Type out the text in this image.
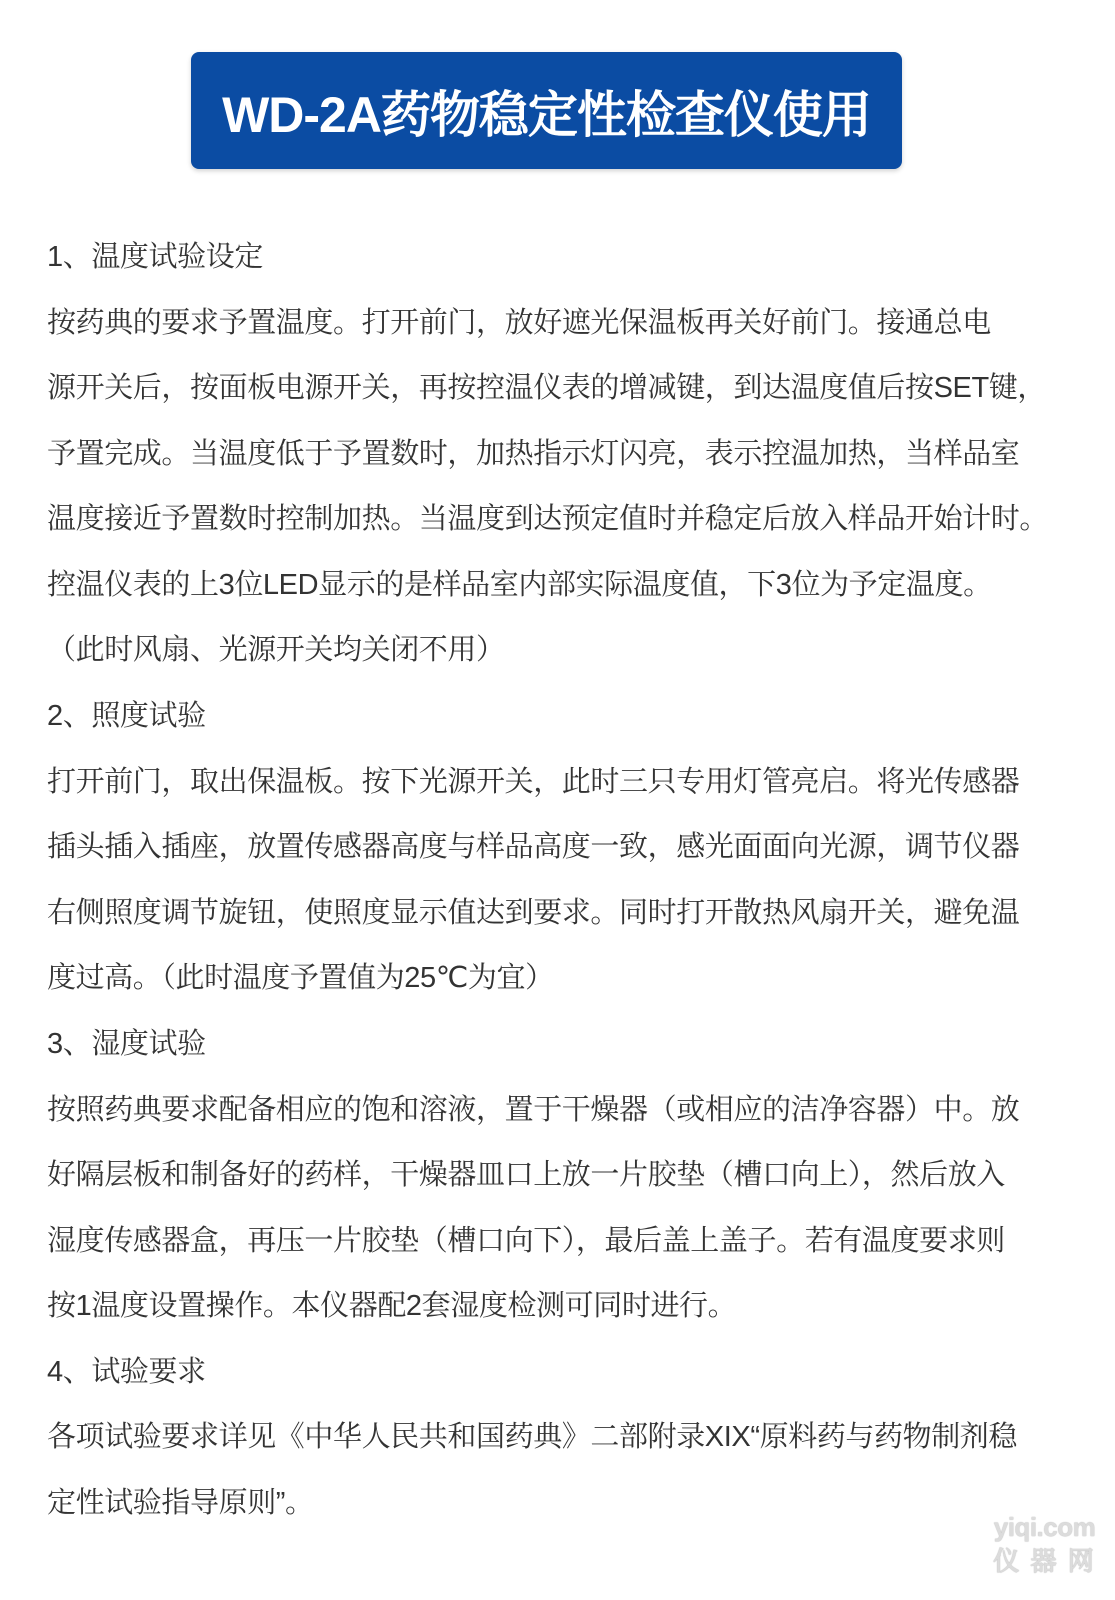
WD-2A药物稳定性检查仪使用
1、温度试验设定
按药典的要求予置温度。打开前门，放好遮光保温板再关好前门。接通总电
源开关后，按面板电源开关，再按控温仪表的增减键，到达温度值后按SET键，
予置完成。当温度低于予置数时，加热指示灯闪亮，表示控温加热，当样品室
温度接近予置数时控制加热。当温度到达预定值时并稳定后放入样品开始计时。
控温仪表的上3位LED显示的是样品室内部实际温度值，下3位为予定温度。
（此时风扇、光源开关均关闭不用）
2、照度试验
打开前门，取出保温板。按下光源开关，此时三只专用灯管亮启。将光传感器
插头插入插座，放置传感器高度与样品高度一致，感光面面向光源，调节仪器
右侧照度调节旋钮，使照度显示值达到要求。同时打开散热风扇开关，避免温
度过高。（此时温度予置值为25℃为宜）
3、湿度试验
按照药典要求配备相应的饱和溶液，置于干燥器（或相应的洁净容器）中。放
好隔层板和制备好的药样，干燥器皿口上放一片胶垫（槽口向上），然后放入
湿度传感器盒，再压一片胶垫（槽口向下），最后盖上盖子。若有温度要求则
按1温度设置操作。本仪器配2套湿度检测可同时进行。
4、试验要求
各项试验要求详见《中华人民共和国药典》二部附录XIX“原料药与药物制剂稳
定性试验指导原则”。
yiqi.com
仪 器 网
